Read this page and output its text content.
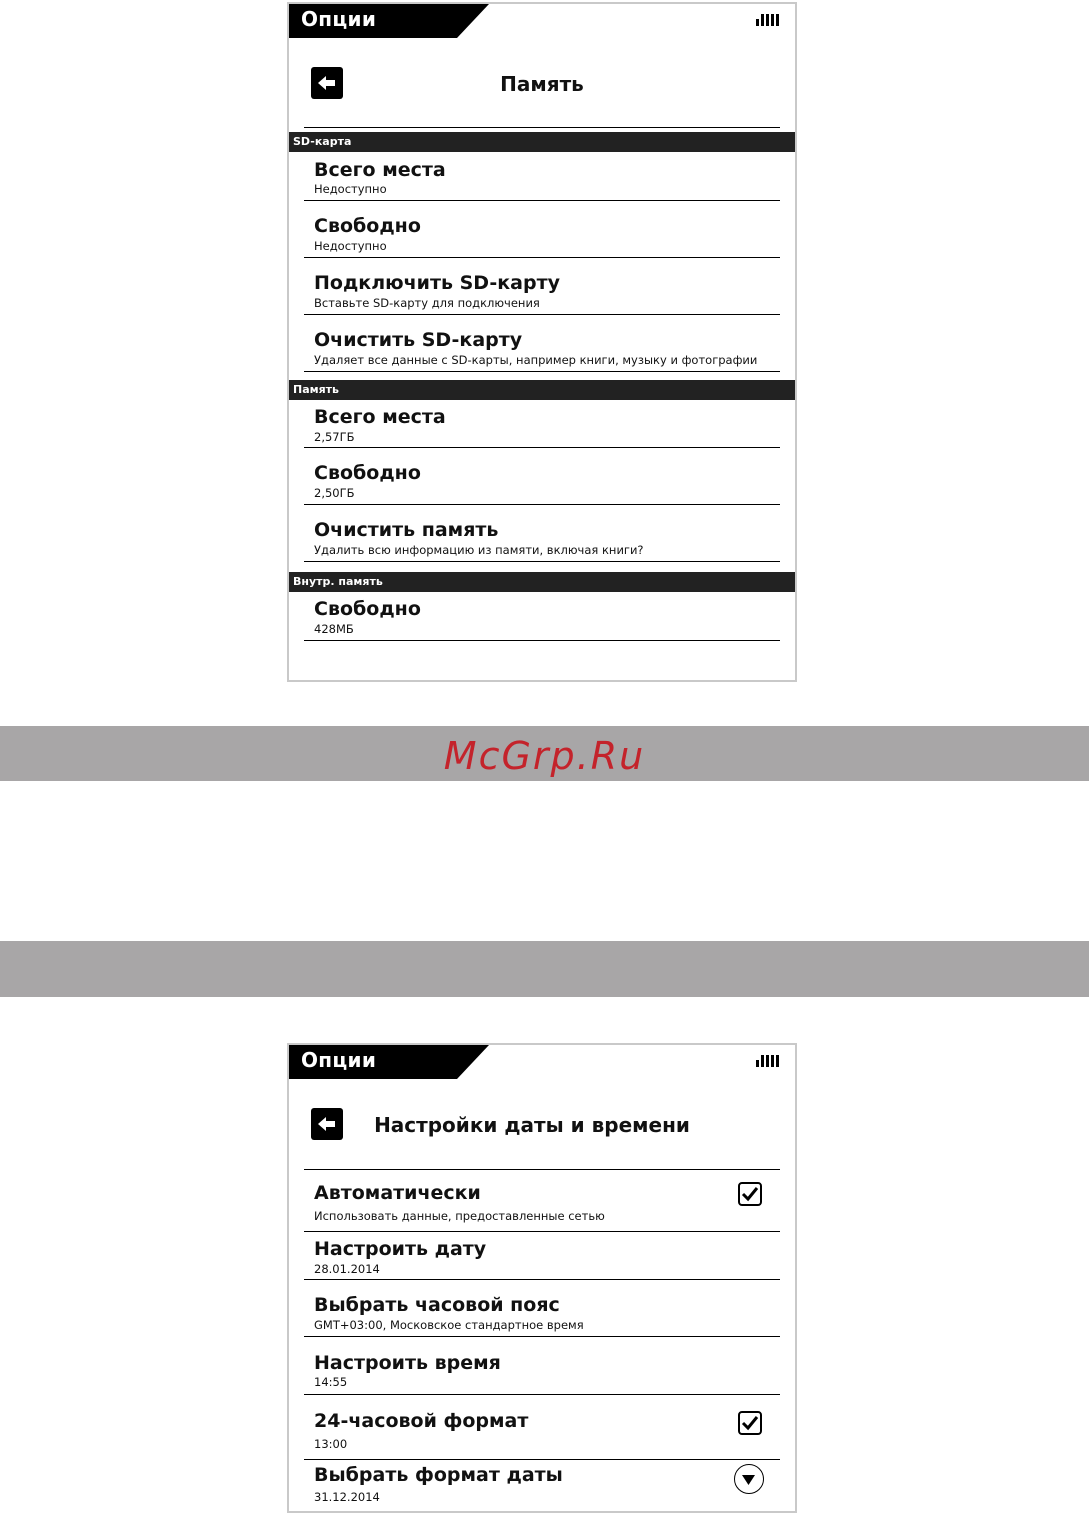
Опции
Память
SD-карта
Всего места
Недоступно
Свободно
Недоступно
Подключить SD-карту
Вставьте SD-карту для подключения
Очистить SD-карту
Удаляет все данные с SD-карты, например книги, музыку и фотографии
Память
Всего места
2,57ГБ
Свободно
2,50ГБ
Очистить память
Удалить всю информацию из памяти, включая книги?
Внутр. память
Свободно
428МБ
McGrp.Ru
Опции
Настройки даты и времени
Автоматически
Использовать данные, предоставленные сетью
Настроить дату
28.01.2014
Выбрать часовой пояс
GMT+03:00, Московское стандартное время
Настроить время
14:55
24-часовой формат
13:00
Выбрать формат даты
31.12.2014
